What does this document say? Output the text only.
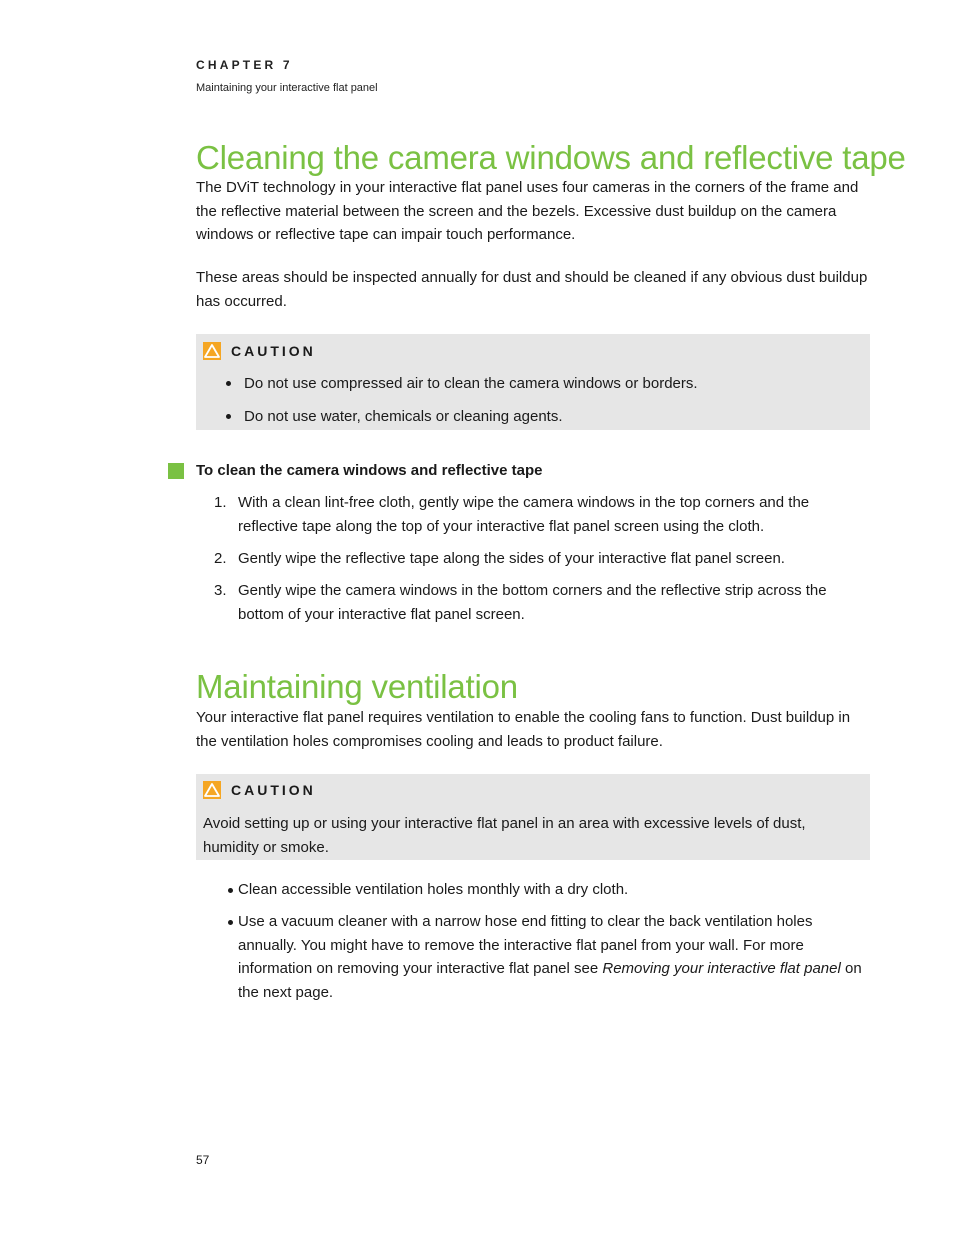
CHAPTER 7
Maintaining your interactive flat panel
Cleaning the camera windows and reflective tape
The DViT technology in your interactive flat panel uses four cameras in the corners of the frame and
the reflective material between the screen and the bezels. Excessive dust buildup on the camera
windows or reflective tape can impair touch performance.
These areas should be inspected annually for dust and should be cleaned if any obvious dust buildup
has occurred.
CAUTION
Do not use compressed air to clean the camera windows or borders.
Do not use water, chemicals or cleaning agents.
To clean the camera windows and reflective tape
1. With a clean lint-free cloth, gently wipe the camera windows in the top corners and the
reflective tape along the top of your interactive flat panel screen using the cloth.
2. Gently wipe the reflective tape along the sides of your interactive flat panel screen.
3. Gently wipe the camera windows in the bottom corners and the reflective strip across the
bottom of your interactive flat panel screen.
Maintaining ventilation
Your interactive flat panel requires ventilation to enable the cooling fans to function. Dust buildup in
the ventilation holes compromises cooling and leads to product failure.
CAUTION
Avoid setting up or using your interactive flat panel in an area with excessive levels of dust,
humidity or smoke.
Clean accessible ventilation holes monthly with a dry cloth.
Use a vacuum cleaner with a narrow hose end fitting to clear the back ventilation holes
annually. You might have to remove the interactive flat panel from your wall. For more
information on removing your interactive flat panel see Removing your interactive flat panel on
the next page.
57
